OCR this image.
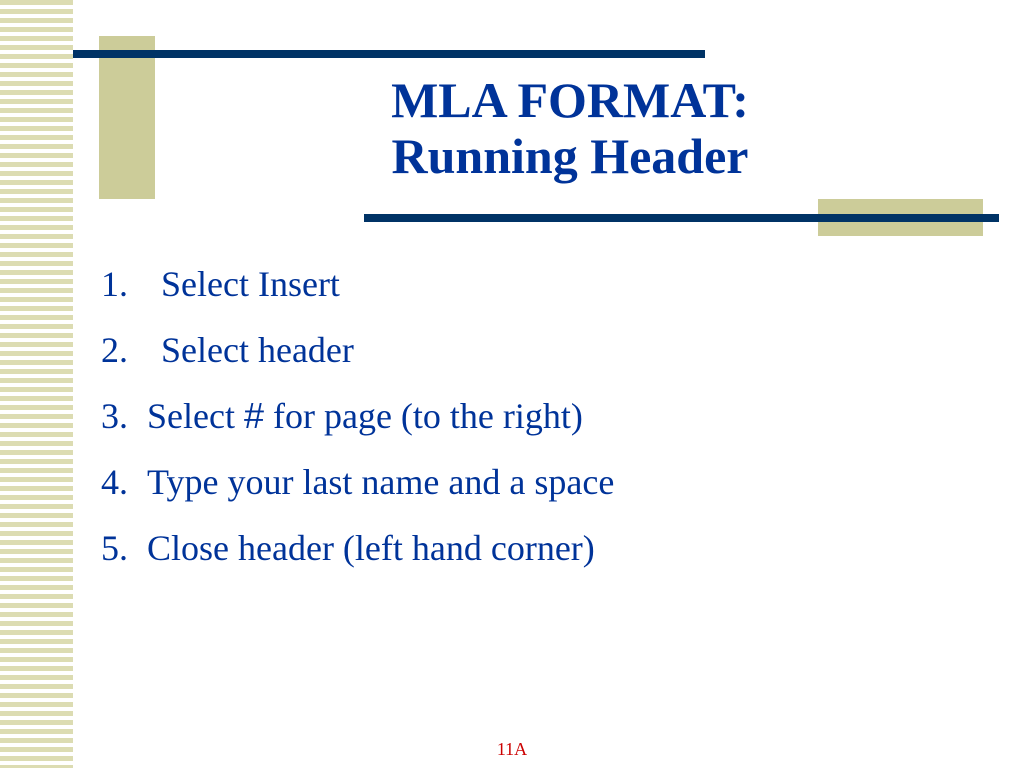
MLA FORMAT:
Running Header
1. Select Insert
2. Select header
3. Select # for page (to the right)
4. Type your last name and a space
5. Close header (left hand corner)
11A
